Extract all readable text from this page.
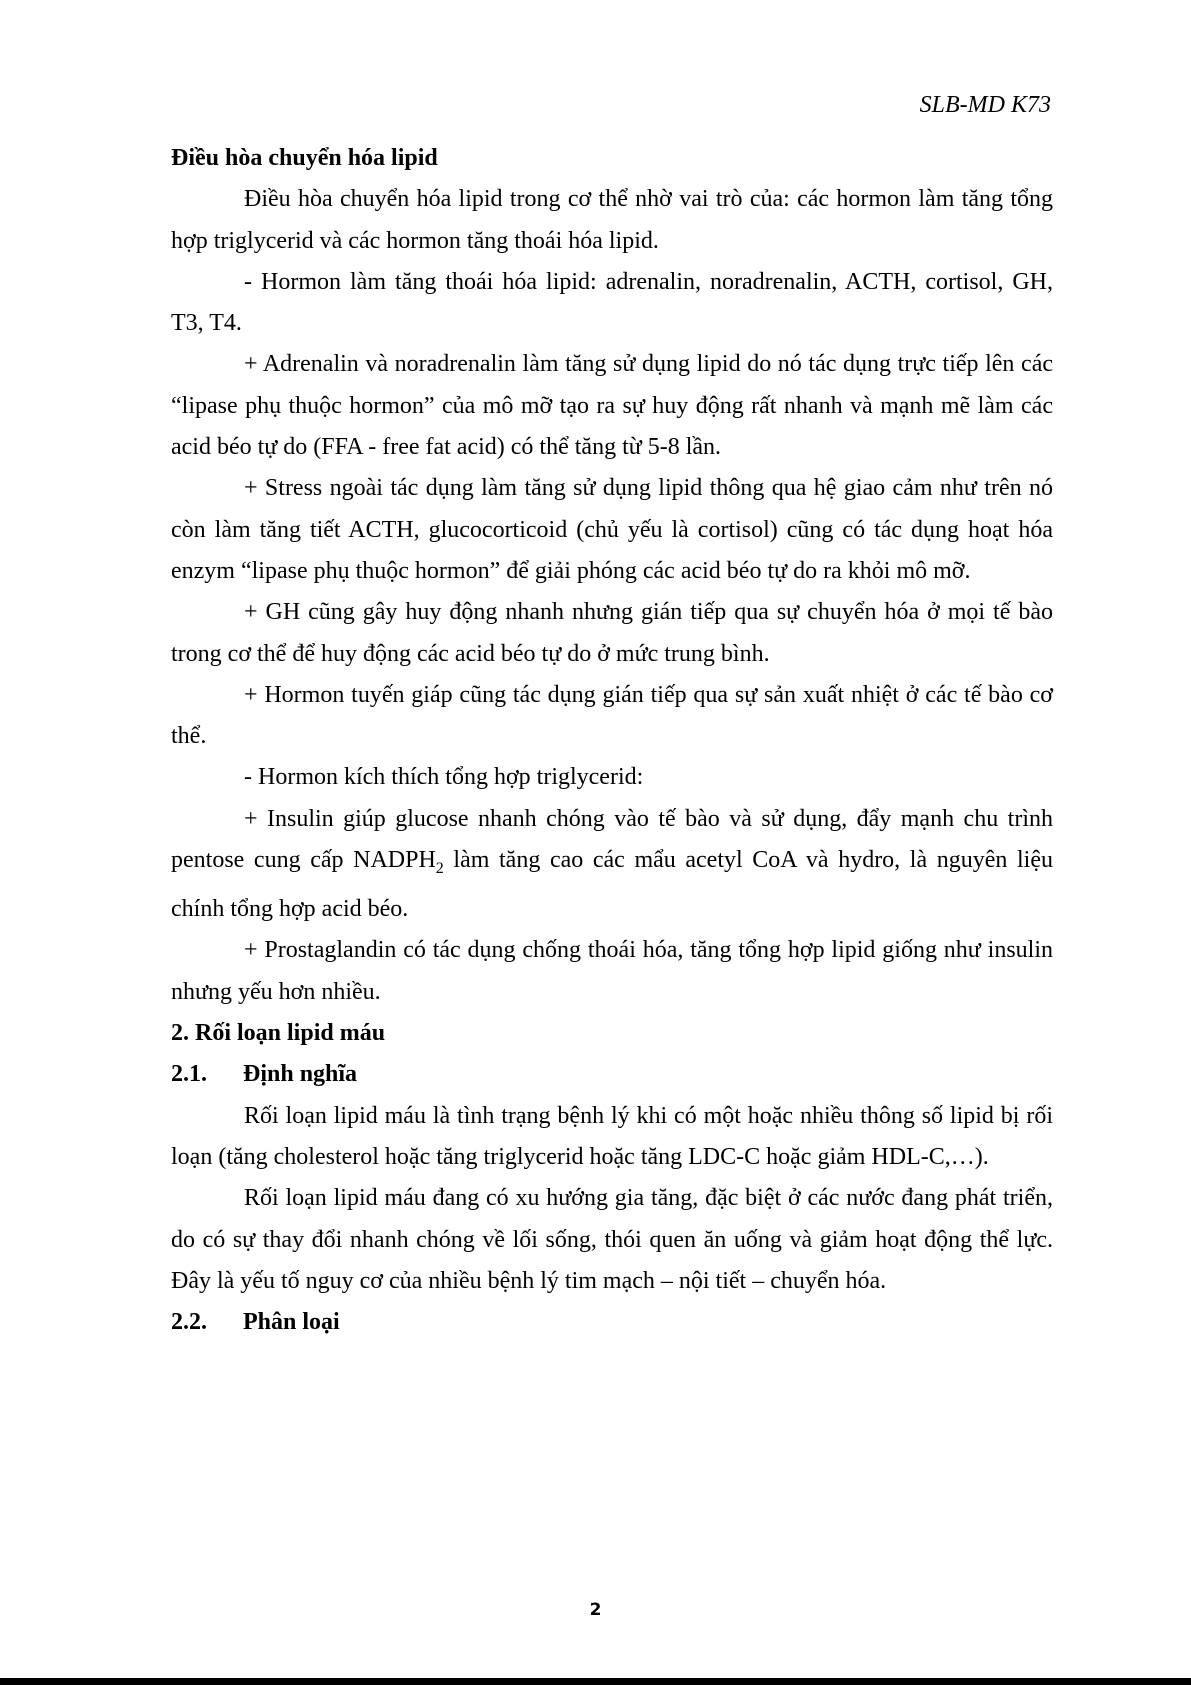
SLB-MD K73

Điều hòa chuyển hóa lipid

Điều hòa chuyển hóa lipid trong cơ thể nhờ vai trò của: các hormon làm tăng tổng hợp triglycerid và các hormon tăng thoái hóa lipid.

- Hormon làm tăng thoái hóa lipid: adrenalin, noradrenalin, ACTH, cortisol, GH, T3, T4.

+ Adrenalin và noradrenalin làm tăng sử dụng lipid do nó tác dụng trực tiếp lên các “lipase phụ thuộc hormon” của mô mỡ tạo ra sự huy động rất nhanh và mạnh mẽ làm các acid béo tự do (FFA - free fat acid) có thể tăng từ 5-8 lần.

+ Stress ngoài tác dụng làm tăng sử dụng lipid thông qua hệ giao cảm như trên nó còn làm tăng tiết ACTH, glucocorticoid (chủ yếu là cortisol) cũng có tác dụng hoạt hóa enzym “lipase phụ thuộc hormon” để giải phóng các acid béo tự do ra khỏi mô mỡ.

+ GH cũng gây huy động nhanh nhưng gián tiếp qua sự chuyển hóa ở mọi tế bào trong cơ thể để huy động các acid béo tự do ở mức trung bình.

+ Hormon tuyến giáp cũng tác dụng gián tiếp qua sự sản xuất nhiệt ở các tế bào cơ thể.

- Hormon kích thích tổng hợp triglycerid:

+ Insulin giúp glucose nhanh chóng vào tế bào và sử dụng, đẩy mạnh chu trình pentose cung cấp $NADPH_2$ làm tăng cao các mẩu acetyl CoA và hydro, là nguyên liệu chính tổng hợp acid béo.

+ Prostaglandin có tác dụng chống thoái hóa, tăng tổng hợp lipid giống như insulin nhưng yếu hơn nhiều.

2. Rối loạn lipid máu

2.1.	Định nghĩa

Rối loạn lipid máu là tình trạng bệnh lý khi có một hoặc nhiều thông số lipid bị rối loạn (tăng cholesterol hoặc tăng triglycerid hoặc tăng LDC-C hoặc giảm HDL-C,…).

Rối loạn lipid máu đang có xu hướng gia tăng, đặc biệt ở các nước đang phát triển, do có sự thay đổi nhanh chóng về lối sống, thói quen ăn uống và giảm hoạt động thể lực. Đây là yếu tố nguy cơ của nhiều bệnh lý tim mạch – nội tiết – chuyển hóa.

2.2.	Phân loại

2
